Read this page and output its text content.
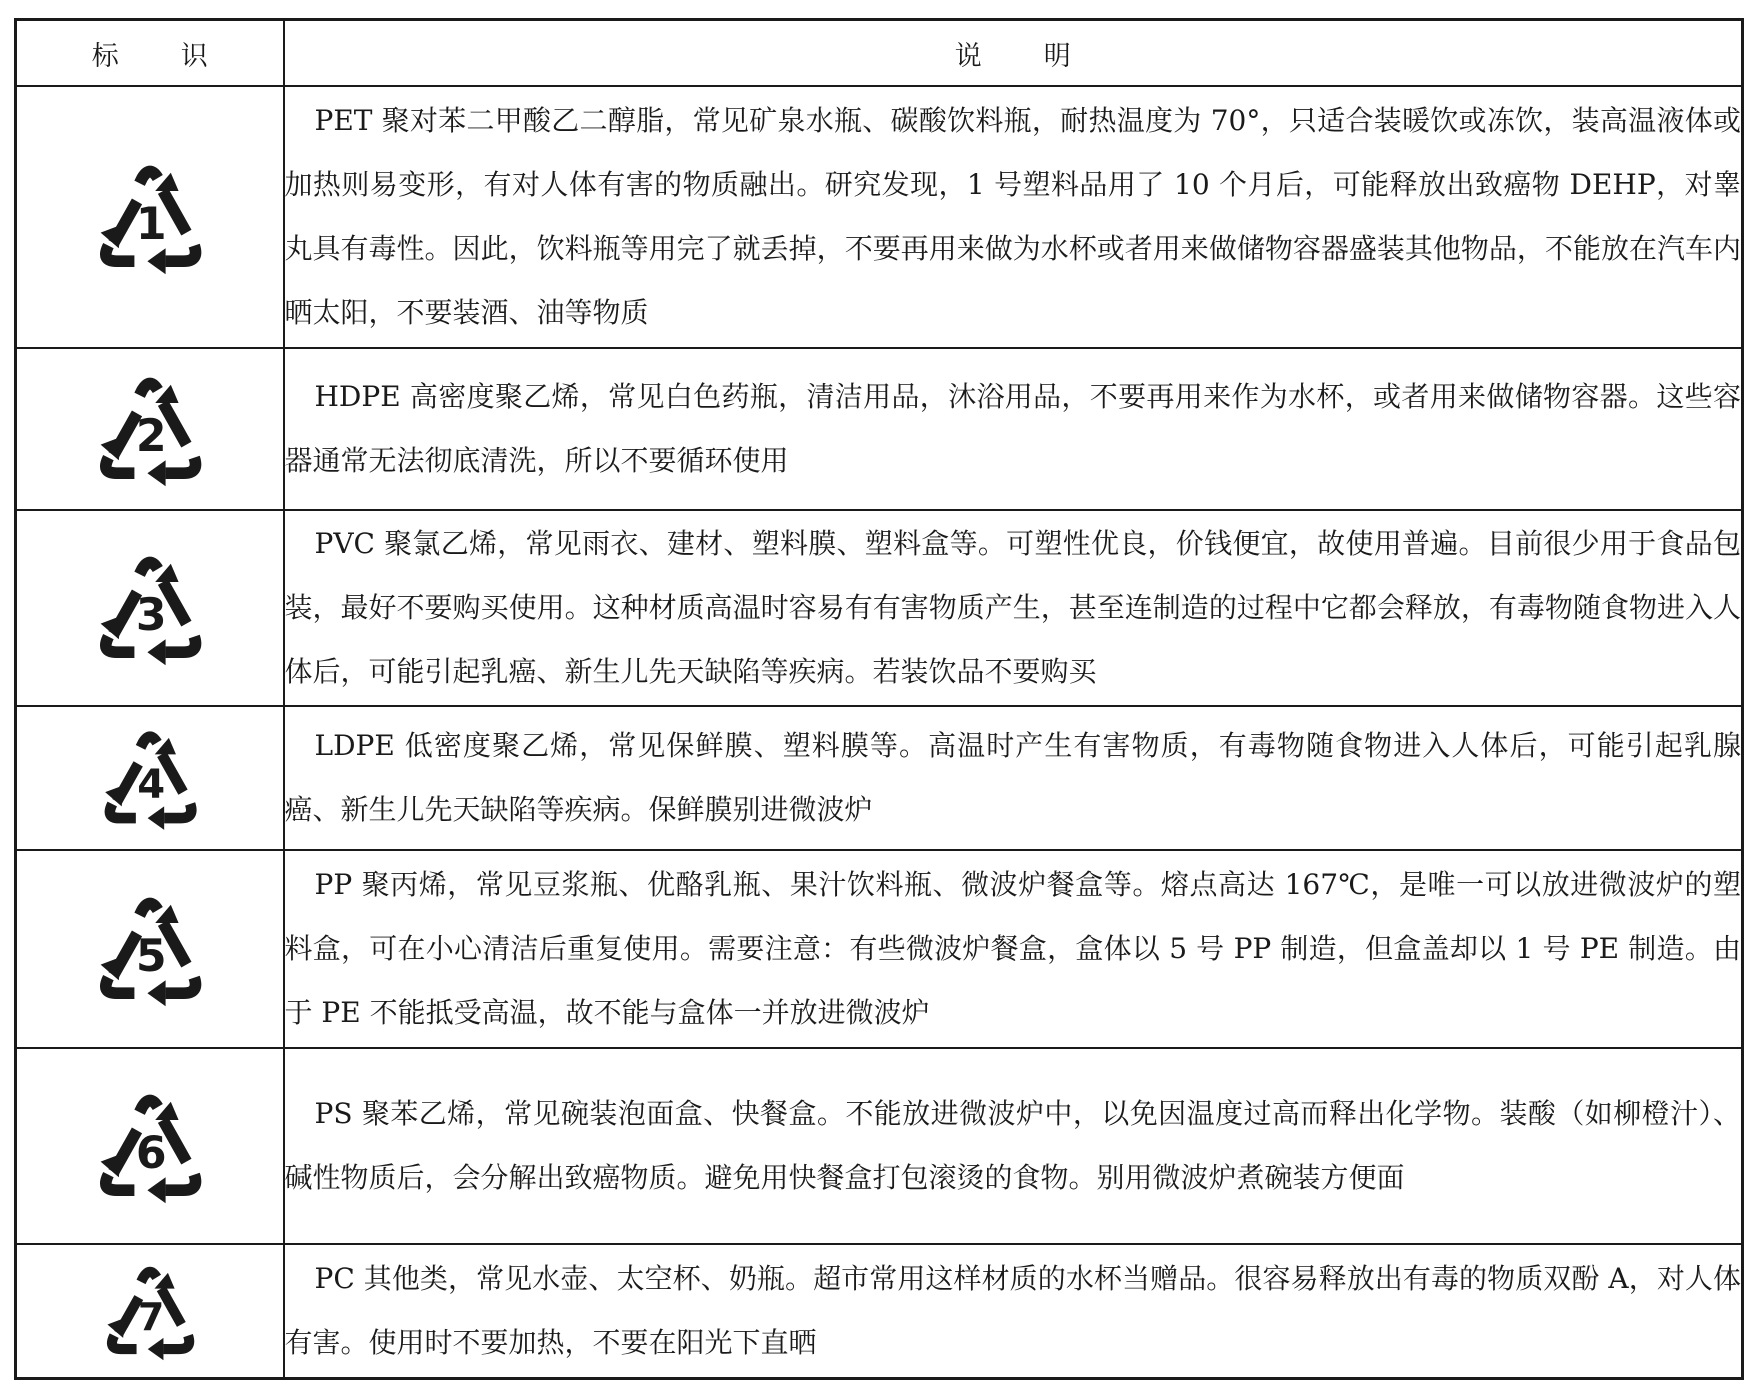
标 识	说 明

1	PET 聚对苯二甲酸乙二醇脂，常见矿泉水瓶、碳酸饮料瓶，耐热温度为 70°，只适合装暖饮或冻饮，装高温液体或加热则易变形，有对人体有害的物质融出。研究发现，1 号塑料品用了 10 个月后，可能释放出致癌物 DEHP，对睾丸具有毒性。因此，饮料瓶等用完了就丢掉，不要再用来做为水杯或者用来做储物容器盛装其他物品，不能放在汽车内晒太阳，不要装酒、油等物质

2	HDPE 高密度聚乙烯，常见白色药瓶，清洁用品，沐浴用品，不要再用来作为水杯，或者用来做储物容器。这些容器通常无法彻底清洗，所以不要循环使用

3	PVC 聚氯乙烯，常见雨衣、建材、塑料膜、塑料盒等。可塑性优良，价钱便宜，故使用普遍。目前很少用于食品包装，最好不要购买使用。这种材质高温时容易有有害物质产生，甚至连制造的过程中它都会释放，有毒物随食物进入人体后，可能引起乳癌、新生儿先天缺陷等疾病。若装饮品不要购买

4	LDPE 低密度聚乙烯，常见保鲜膜、塑料膜等。高温时产生有害物质，有毒物随食物进入人体后，可能引起乳腺癌、新生儿先天缺陷等疾病。保鲜膜别进微波炉

5	PP 聚丙烯，常见豆浆瓶、优酪乳瓶、果汁饮料瓶、微波炉餐盒等。熔点高达 167℃，是唯一可以放进微波炉的塑料盒，可在小心清洁后重复使用。需要注意：有些微波炉餐盒，盒体以 5 号 PP 制造，但盒盖却以 1 号 PE 制造。由于 PE 不能抵受高温，故不能与盒体一并放进微波炉

6	PS 聚苯乙烯，常见碗装泡面盒、快餐盒。不能放进微波炉中，以免因温度过高而释出化学物。装酸（如柳橙汁）、碱性物质后，会分解出致癌物质。避免用快餐盒打包滚烫的食物。别用微波炉煮碗装方便面

7	PC 其他类，常见水壶、太空杯、奶瓶。超市常用这样材质的水杯当赠品。很容易释放出有毒的物质双酚 A，对人体有害。使用时不要加热，不要在阳光下直晒
